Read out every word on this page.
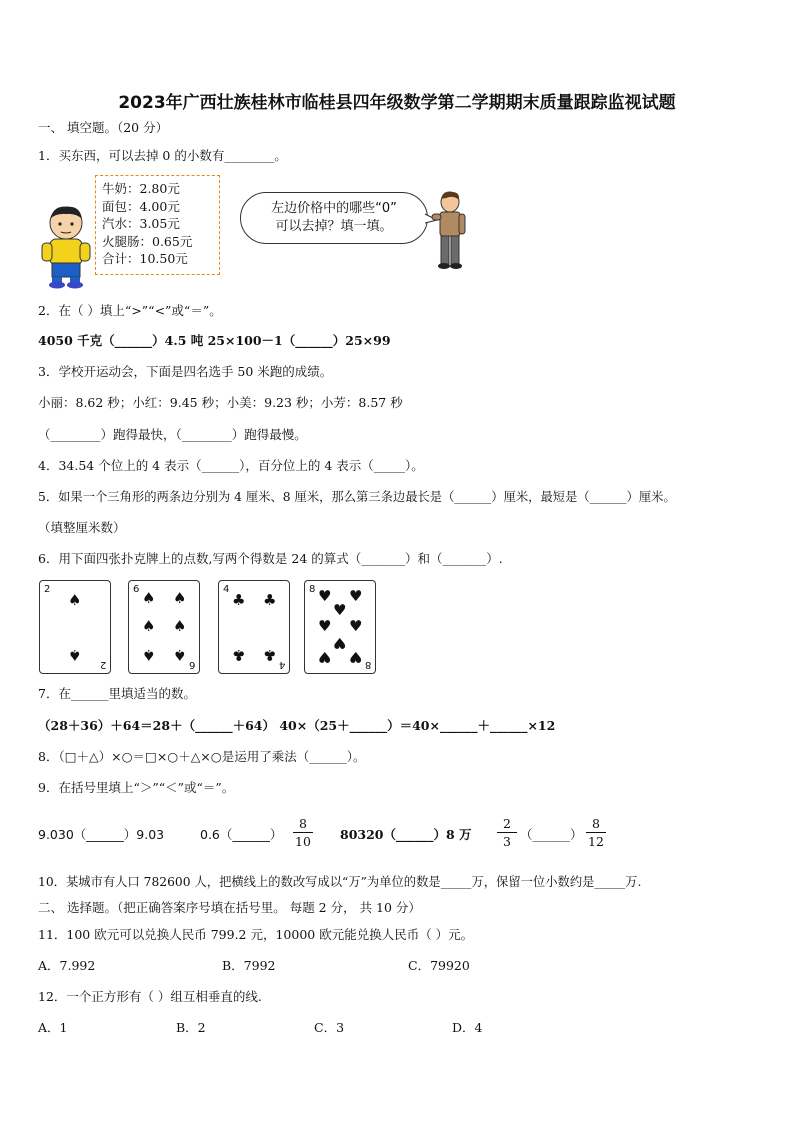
2023年广西壮族桂林市临桂县四年级数学第二学期期末质量跟踪监视试题
一、 填空题。（20 分）
1．买东西，可以去掉 0 的小数有________。
牛奶：2.80元
面包：4.00元
汽水：3.05元
火腿肠：0.65元
合计：10.50元
左边价格中的哪些“0”
可以去掉？填一填。
2．在（ ）填上“>”“<”或“＝”。
4050 千克（______）4.5 吨 25×100－1（______）25×99
3．学校开运动会，下面是四名选手 50 米跑的成绩。
小丽：8.62 秒；小红：9.45 秒；小美：9.23 秒；小芳：8.57 秒
（________）跑得最快，（________）跑得最慢。
4．34.54 个位上的 4 表示（______），百分位上的 4 表示（_____）。
5．如果一个三角形的两条边分别为 4 厘米、8 厘米，那么第三条边最长是（______）厘米，最短是（______）厘米。
（填整厘米数）
6．用下面四张扑克牌上的点数,写两个得数是 24 的算式（_______）和（_______）.
2
2
♠
♠
6
6
♠ ♠
♠ ♠
♠ ♠
4
4
♣ ♣
♣ ♣
8
8
♥ ♥
♥
♥ ♥
♥
♥ ♥
7．在______里填适当的数。
（28＋36）＋64＝28＋（______＋64） 40×（25＋______）＝40×______＋______×12
8．（□＋△）×○＝□×○＋△×○是运用了乘法（______）。
9．在括号里填上“＞”“＜”或“＝”。
9.030（______）9.03	0.6（______） $\frac{8}{10}$ 80320（______）8 万 $\frac{2}{3}$ （______） $\frac{8}{12}$
10．某城市有人口 782600 人，把横线上的数改写成以“万”为单位的数是_____万，保留一位小数约是_____万.
二、 选择题。（把正确答案序号填在括号里。 每题 2 分， 共 10 分）
11．100 欧元可以兑换人民币 799.2 元，10000 欧元能兑换人民币（ ）元。
A．7.992	B．7992	C．79920
12．一个正方形有（ ）组互相垂直的线.
A．1	B．2	C．3	D．4
